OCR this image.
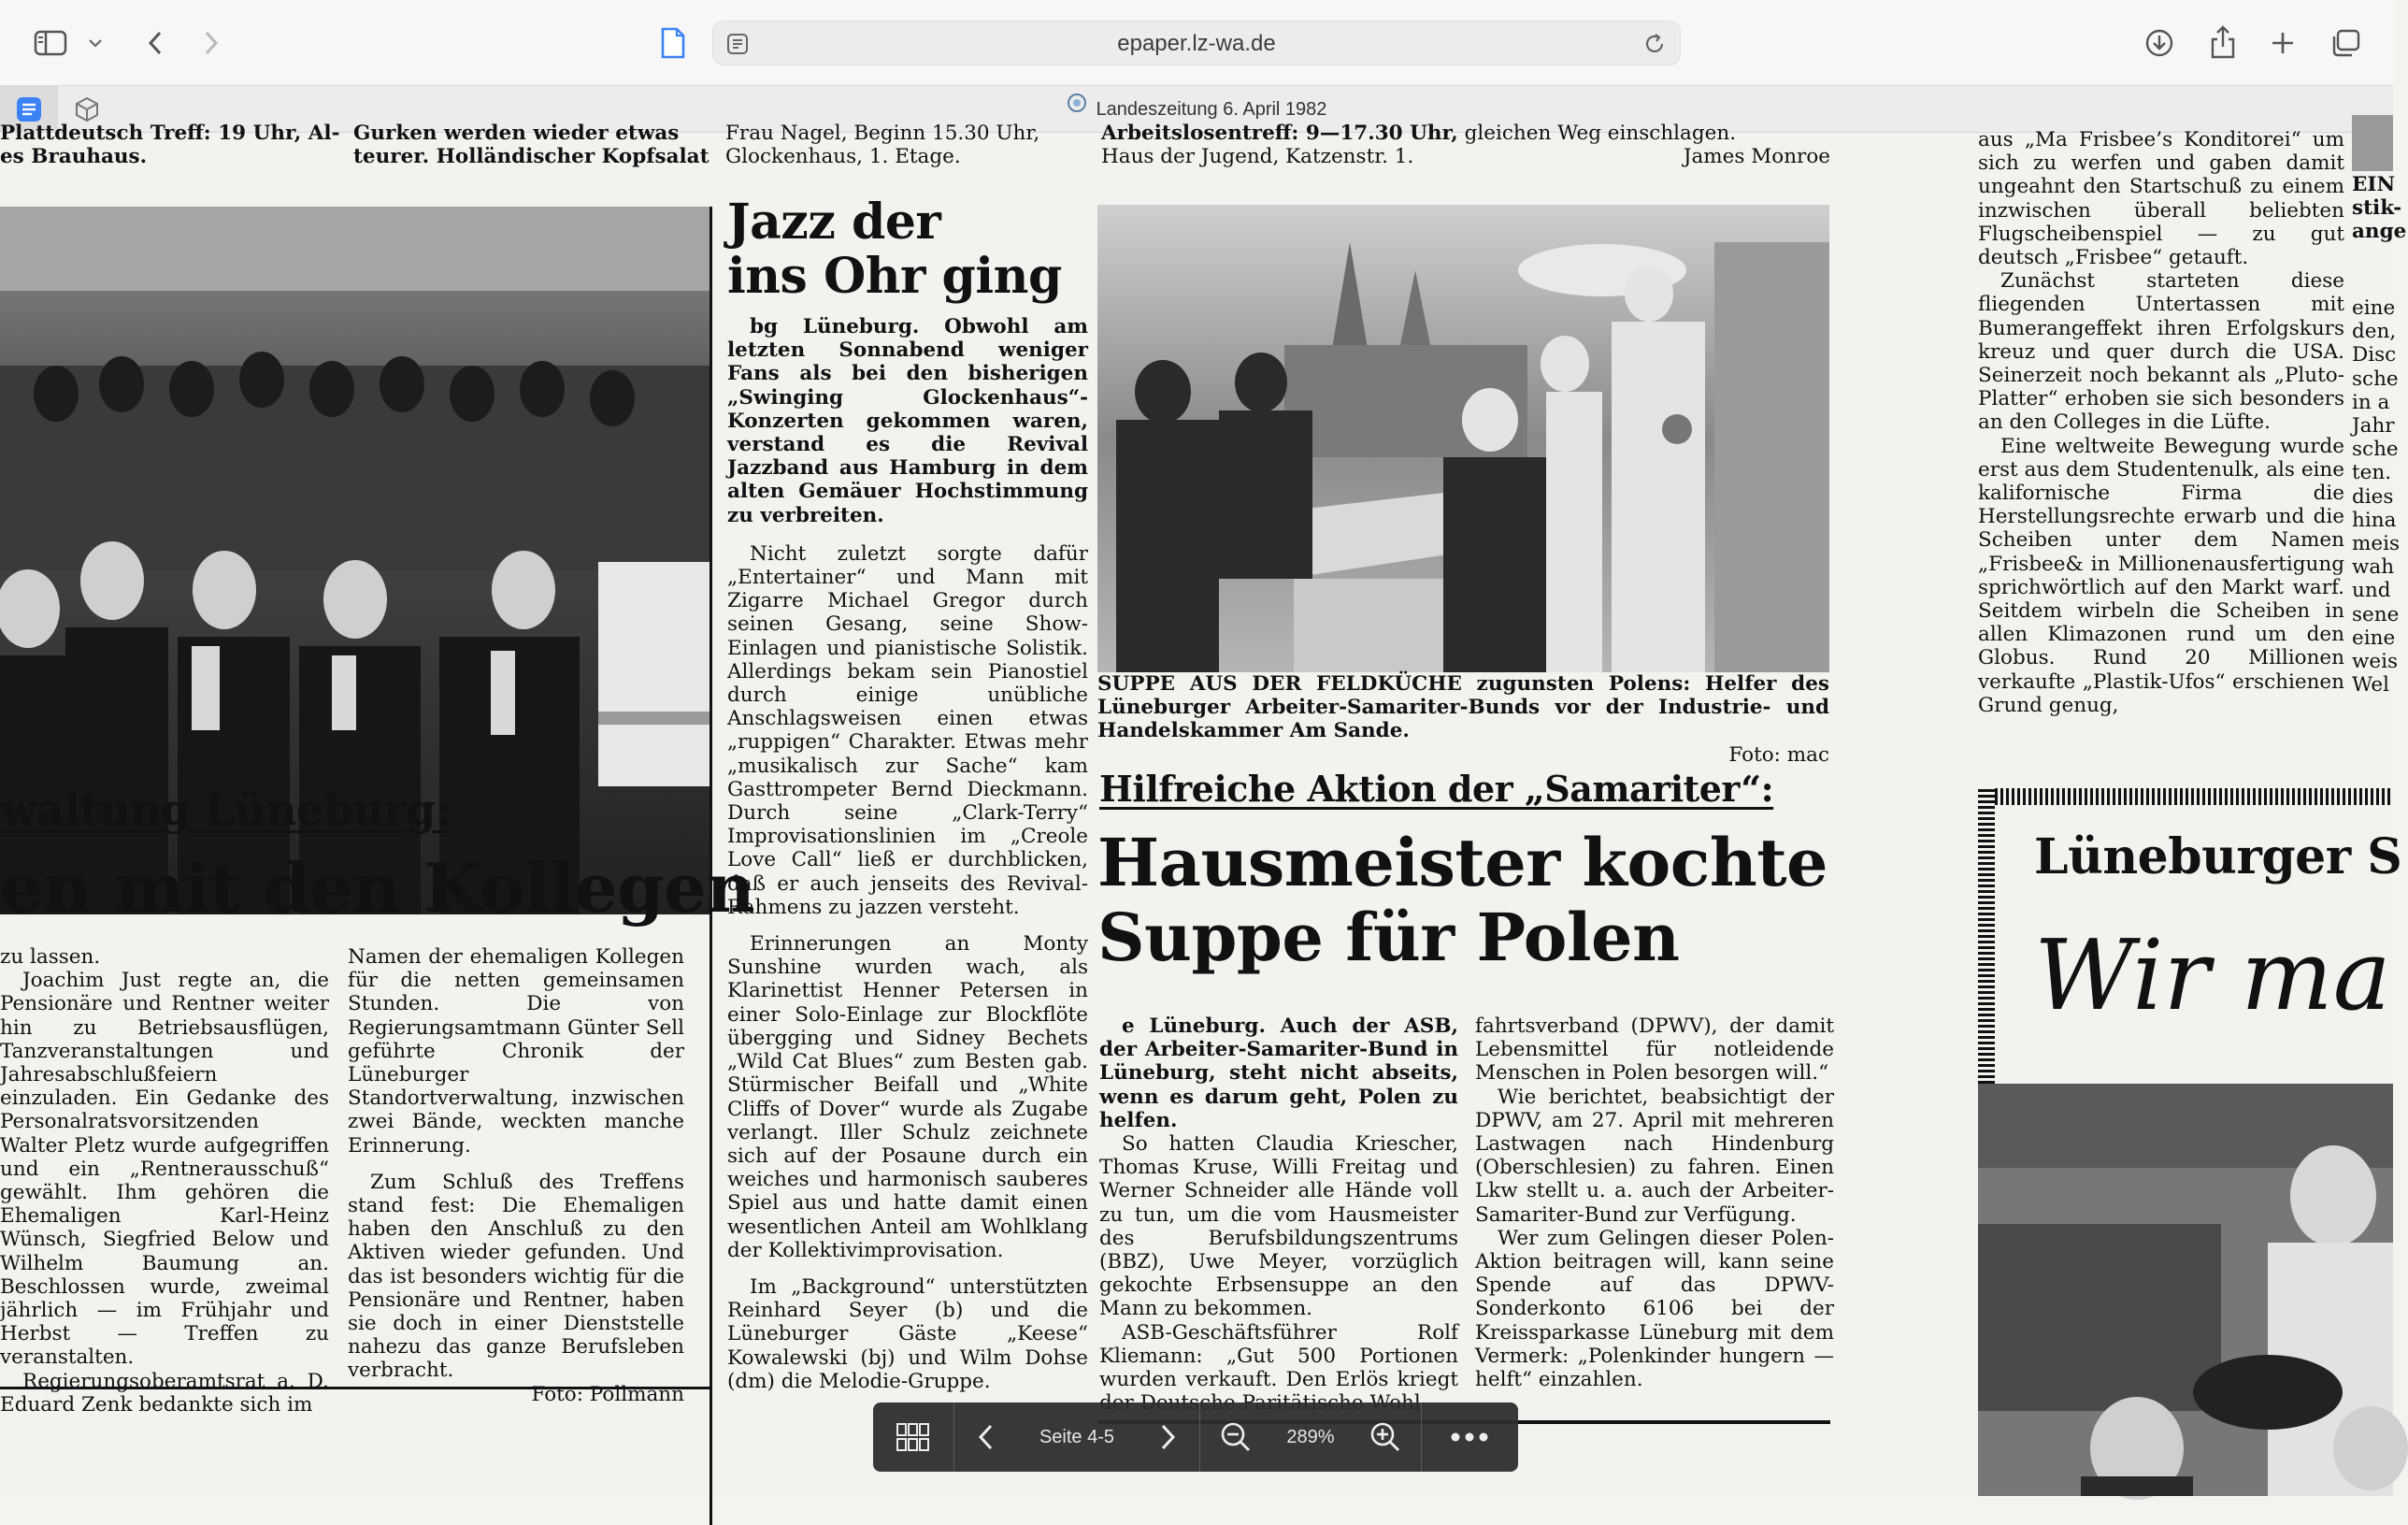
epaper.lz-wa.de
Landeszeitung 6. April 1982
Plattdeutsch Treff: 19 Uhr, Al-
es Brauhaus.
Gurken werden wieder etwas
teurer. Holländischer Kopfsalat
Frau Nagel, Beginn 15.30 Uhr,
Glockenhaus, 1. Etage.
Arbeitslosentreff: 9—17.30 Uhr, gleichen Weg einschlagen.
Haus der Jugend, Katzenstr. 1.	James Monroe
waltung Lüneburg:
en mit den Kollegen

zu lassen.

Joachim Just regte an, die Pensionäre und Rentner weiter hin zu Betriebsausflügen, Tanzveranstaltungen und Jahresabschlußfeiern einzuladen. Ein Gedanke des Personalratsvorsitzenden Walter Pletz wurde aufgegriffen und ein „Rentnerausschuß“ gewählt. Ihm gehören die Ehemaligen Karl-Heinz Wünsch, Siegfried Below und Wilhelm Baumung an. Beschlossen wurde, zweimal jährlich — im Frühjahr und Herbst — Treffen zu veranstalten.

Regierungsoberamtsrat a. D. Eduard Zenk bedankte sich im

Namen der ehemaligen Kollegen für die netten gemeinsamen Stunden. Die von Regierungsamtmann Günter Sell geführte Chronik der Lüneburger Standortverwaltung, inzwischen zwei Bände, weckten manche Erinnerung.

Zum Schluß des Treffens stand fest: Die Ehemaligen haben den Anschluß zu den Aktiven wieder gefunden. Und das ist besonders wichtig für die Pensionäre und Rentner, haben sie doch in einer Dienststelle nahezu das ganze Berufsleben verbracht.

Foto: Pollmann
Jazz der
ins Ohr ging

bg Lüneburg. Obwohl am letzten Sonnabend weniger Fans als bei den bisherigen „Swinging Glockenhaus“-Konzerten gekommen waren, verstand es die Revival Jazzband aus Hamburg in dem alten Gemäuer Hochstimmung zu verbreiten.

Nicht zuletzt sorgte dafür „Entertainer“ und Mann mit Zigarre Michael Gregor durch seinen Gesang, seine Show-Einlagen und pianistische Solistik. Allerdings bekam sein Pianostiel durch einige unübliche Anschlagsweisen einen etwas „ruppigen“ Charakter. Etwas mehr „musikalisch zur Sache“ kam Gasttrompeter Bernd Dieckmann. Durch seine „Clark-Terry“ Improvisationslinien im „Creole Love Call“ ließ er durchblicken, daß er auch jenseits des Revival-Rahmens zu jazzen versteht.

Erinnerungen an Monty Sunshine wurden wach, als Klarinettist Henner Petersen in einer Solo-Einlage zur Blockflöte übergging und Sidney Bechets „Wild Cat Blues“ zum Besten gab. Stürmischer Beifall und „White Cliffs of Dover“ wurde als Zugabe verlangt. Iller Schulz zeichnete sich auf der Posaune durch ein weiches und harmonisch sauberes Spiel aus und hatte damit einen wesentlichen Anteil am Wohlklang der Kollektivimprovisation.

Im „Background“ unterstützten Reinhard Seyer (b) und die Lüneburger Gäste „Keese“ Kowalewski (bj) und Wilm Dohse (dm) die Melodie-Gruppe.

SUPPE AUS DER FELDKÜCHE zugunsten Polens: Helfer des Lüneburger Arbeiter-Samariter-Bunds vor der Industrie- und Handelskammer Am Sande.
Foto: mac
Hilfreiche Aktion der „Samariter“:
Hausmeister kochte
Suppe für Polen

e Lüneburg. Auch der ASB, der Arbeiter-Samariter-Bund in Lüneburg, steht nicht abseits, wenn es darum geht, Polen zu helfen.

So hatten Claudia Kriescher, Thomas Kruse, Willi Freitag und Werner Schneider alle Hände voll zu tun, um die vom Hausmeister des Berufsbildungszentrums (BBZ), Uwe Meyer, vorzüglich gekochte Erbsensuppe an den Mann zu bekommen.

ASB-Geschäftsführer Rolf Kliemann: „Gut 500 Portionen wurden verkauft. Den Erlös kriegt

fahrtsverband (DPWV), der damit Lebensmittel für notleidende Menschen in Polen besorgen will.“

Wie berichtet, beabsichtigt der DPWV, am 27. April mit mehreren Lastwagen nach Hindenburg (Oberschlesien) zu fahren. Einen Lkw stellt u. a. auch der Arbeiter-Samariter-Bund zur Verfügung.

Wer zum Gelingen dieser Polen-Aktion beitragen will, kann seine Spende auf das DPWV-Sonderkonto 6106 bei der Kreissparkasse Lüneburg mit dem Vermerk: „Polenkinder hungern — helft“ einzahlen.

aus „Ma Frisbee’s Konditorei“ um sich zu werfen und gaben damit ungeahnt den Startschuß zu einem inzwischen überall beliebten Flugscheibenspiel — zu gut deutsch „Frisbee“ getauft.

Zunächst starteten diese fliegenden Untertassen mit Bumerangeffekt ihren Erfolgskurs kreuz und quer durch die USA. Seinerzeit noch bekannt als „Pluto-Platter“ erhoben sie sich besonders an den Colleges in die Lüfte.

Eine weltweite Bewegung wurde erst aus dem Studentenulk, als eine kalifornische Firma die Herstellungsrechte erwarb und die Scheiben unter dem Namen „Frisbee& in Millionenausfertigung sprichwörtlich auf den Markt warf. Seitdem wirbeln die Scheiben in allen Klimazonen rund um den Globus. Rund 20 Millionen verkaufte „Plastik-Ufos“ erschienen Grund genug,

EIN
stik-
ange
eine
den,
Disc
sche
in a
Jahr
sche
ten.
dies
hina
meis
wah
und
sene
eine
weis
Wel
Lüneburger S
Wir ma
Seite 4-5	289%
